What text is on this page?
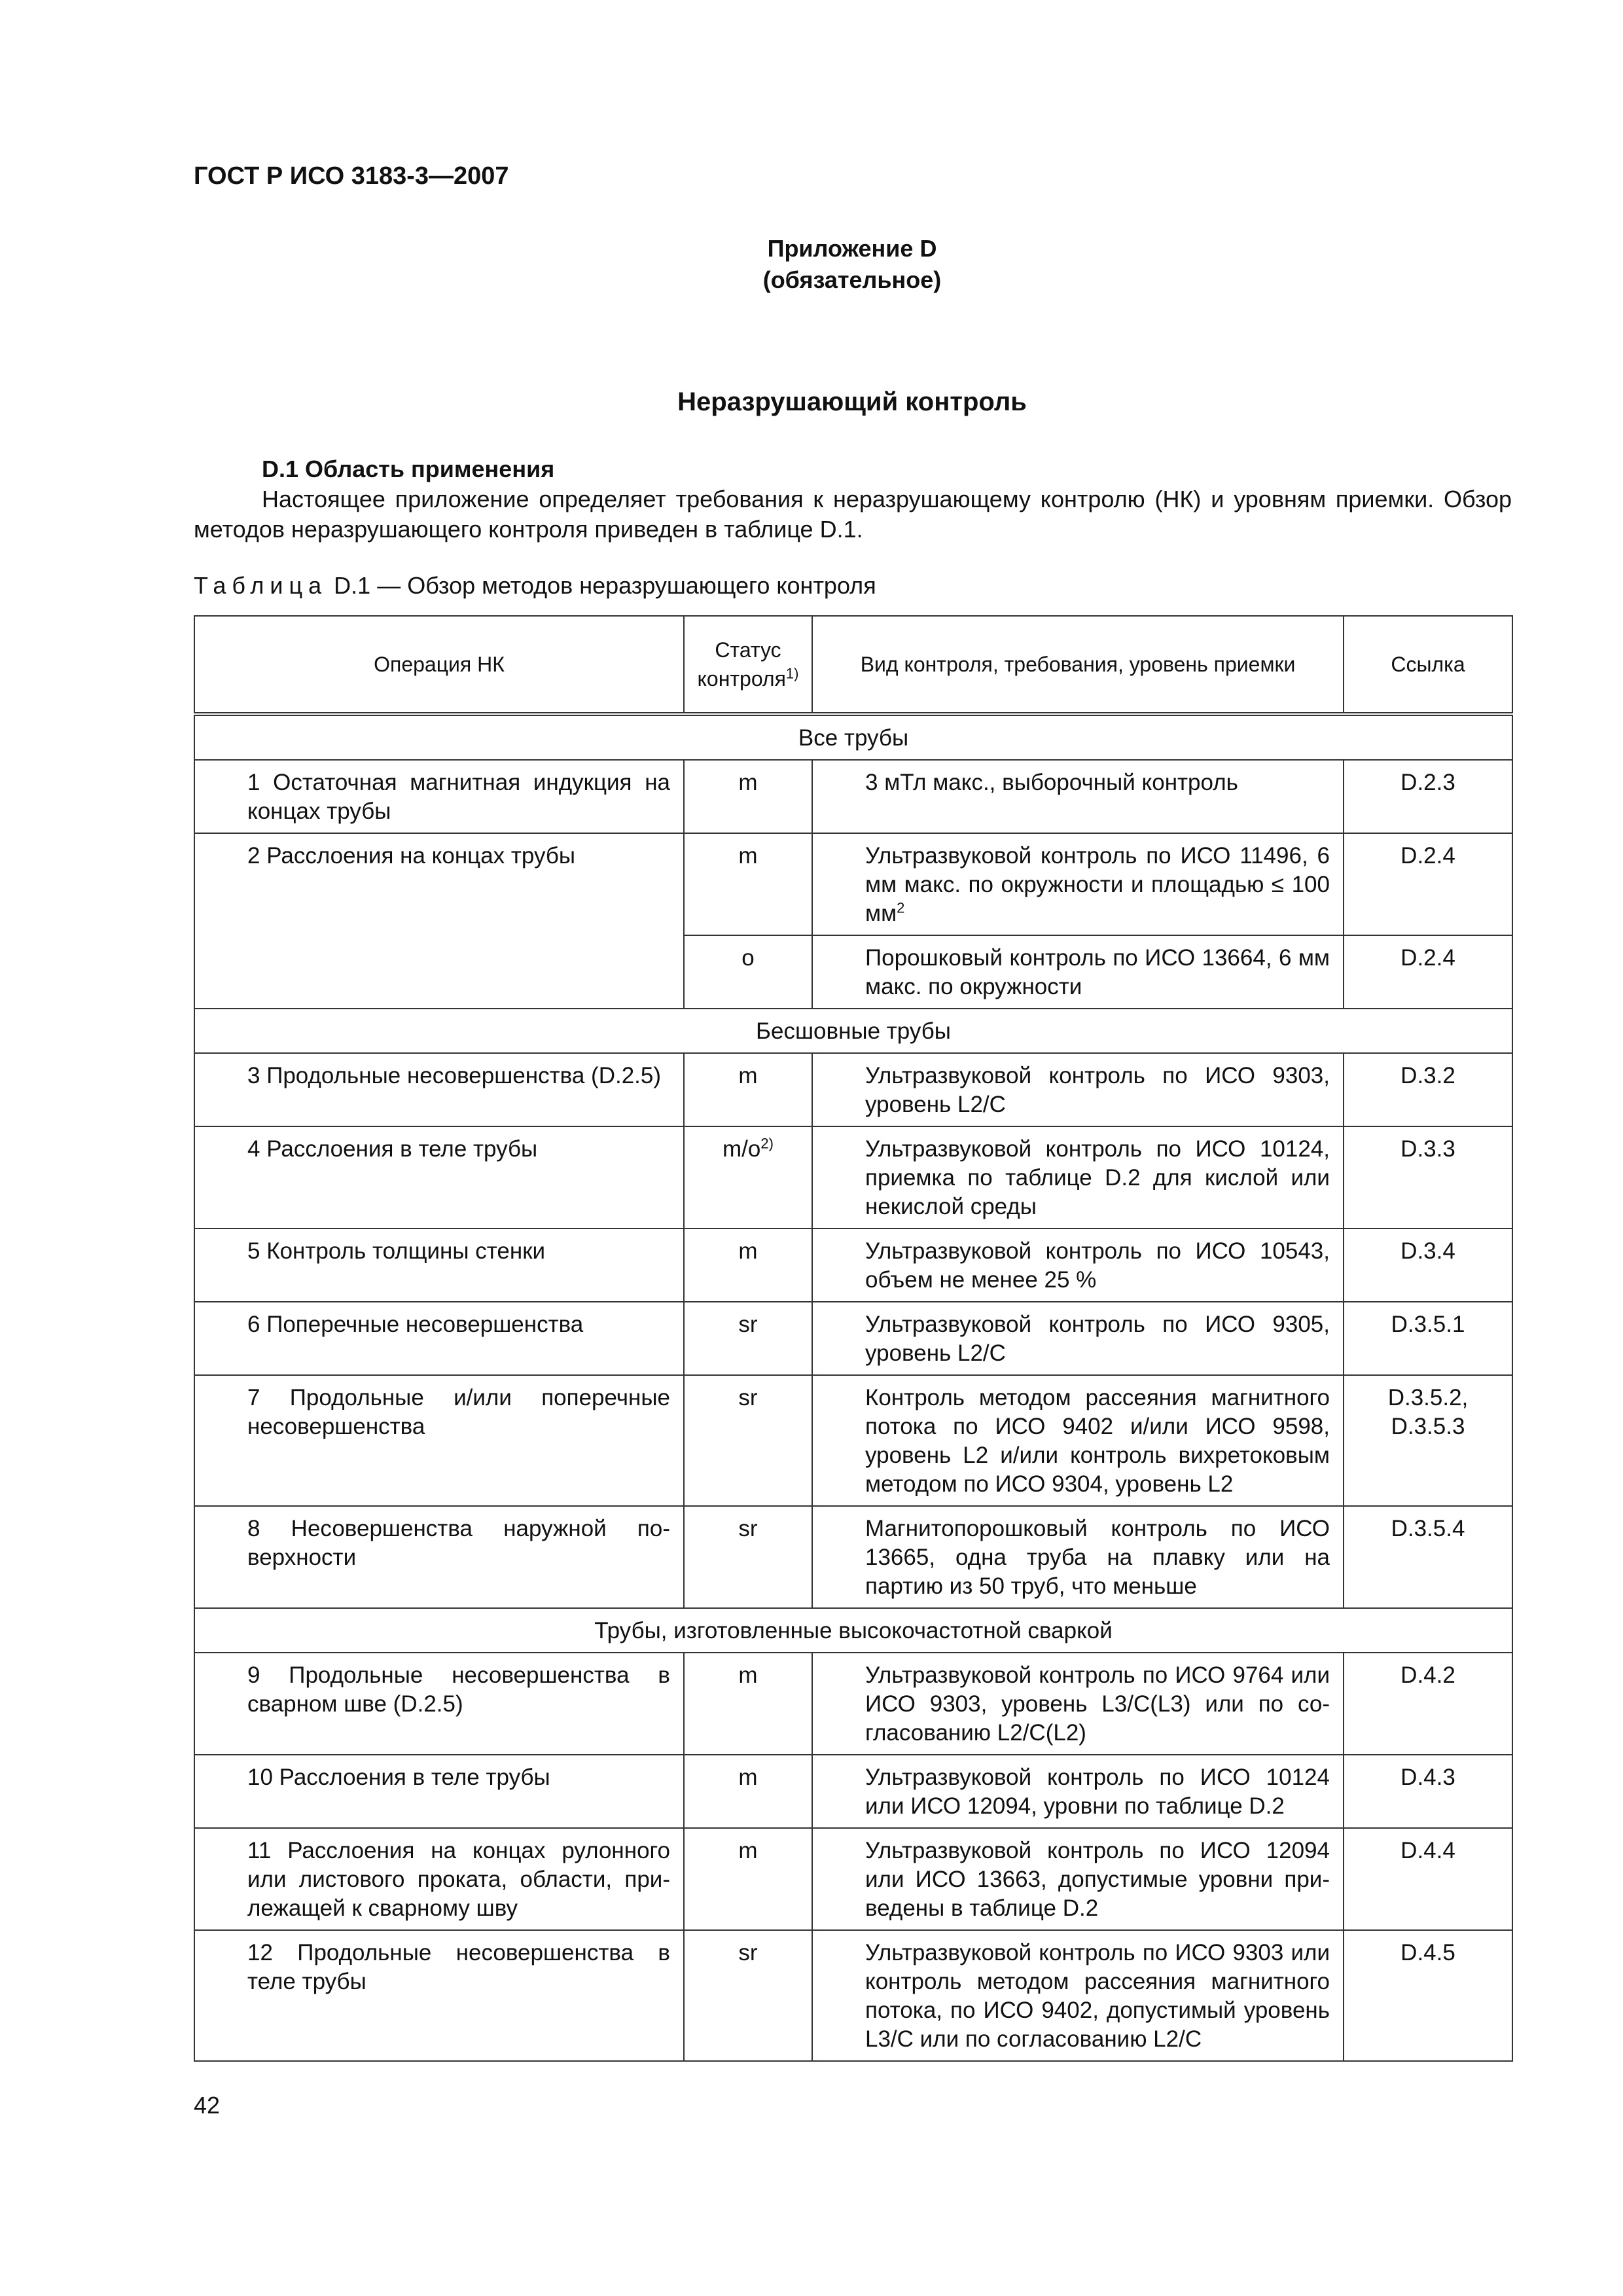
ГОСТ Р ИСО 3183-3—2007
Приложение D
(обязательное)
Неразрушающий контроль
D.1 Область применения

Настоящее приложение определяет требования к неразрушающему контролю (НК) и уровням приемки. Обзор методов неразрушающего контроля приведен в таблице D.1.

Таблица D.1 — Обзор методов неразрушающего контроля
Операция НК	Статус контроля$^{1)}$	Вид контроля, требования, уровень приемки	Ссылка
Все трубы			

1 Остаточная магнитная индукция на концах трубы	m	3 мТл макс., выборочный контроль	D.2.3

2 Расслоения на концах трубы	m	Ультразвуковой контроль по ИСО 11496, 6 мм макс. по окружности и площадью ≤ 100 $мм^2$	D.2.4
	o	Порошковый контроль по ИСО 13664, 6 мм макс. по окружности	D.2.4
Бесшовные трубы			

3 Продольные несовершенства (D.2.5)	m	Ультразвуковой контроль по ИСО 9303, уровень L2/C	D.3.2

4 Расслоения в теле трубы	$m/o^{2)}$	Ультразвуковой контроль по ИСО 10124, приемка по таблице D.2 для кислой или некислой среды	D.3.3

5 Контроль толщины стенки	m	Ультразвуковой контроль по ИСО 10543, объем не менее 25 %	D.3.4

6 Поперечные несовершенства	sr	Ультразвуковой контроль по ИСО 9305, уровень L2/C	D.3.5.1

7 Продольные и/или поперечные несовершенства	sr	Контроль методом рассеяния магнитного потока по ИСО 9402 и/или ИСО 9598, уровень L2 и/или контроль вихретоковым методом по ИСО 9304, уровень L2	D.3.5.2,
D.3.5.3

8 Несовершенства наружной поверхности	sr	Магнитопорошковый контроль по ИСО 13665, одна труба на плавку или на партию из 50 труб, что меньше	D.3.5.4
Трубы, изготовленные высокочастотной сваркой			

9 Продольные несовершенства в сварном шве (D.2.5)	m	Ультразвуковой контроль по ИСО 9764 или ИСО 9303, уровень L3/C(L3) или по согласованию L2/C(L2)	D.4.2

10 Расслоения в теле трубы	m	Ультразвуковой контроль по ИСО 10124 или ИСО 12094, уровни по таблице D.2	D.4.3

11 Расслоения на концах рулонного или листового проката, области, прилежащей к сварному шву	m	Ультразвуковой контроль по ИСО 12094 или ИСО 13663, допустимые уровни приведены в таблице D.2	D.4.4

12 Продольные несовершенства в теле трубы	sr	Ультразвуковой контроль по ИСО 9303 или контроль методом рассеяния магнитного потока, по ИСО 9402, допустимый уровень L3/C или по согласованию L2/C	D.4.5
42
